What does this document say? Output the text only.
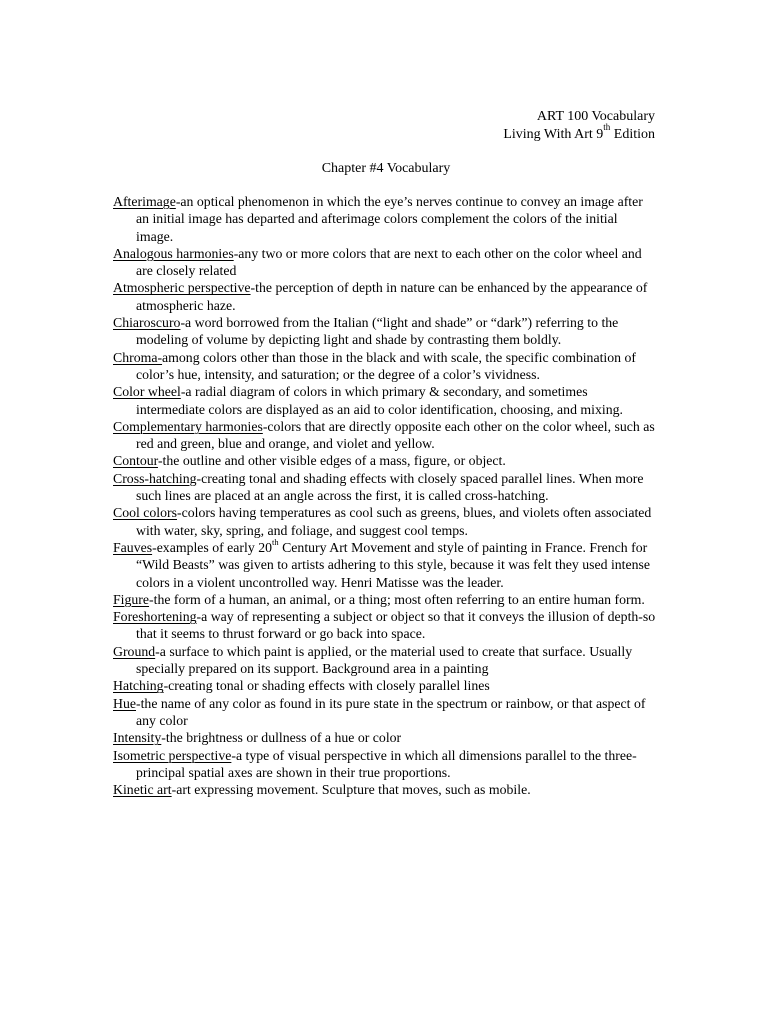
ART 100 Vocabulary
Living With Art 9th Edition
Chapter #4 Vocabulary

Afterimage-an optical phenomenon in which the eye’s nerves continue to convey an image after an initial image has departed and afterimage colors complement the colors of the initial image.

Analogous harmonies-any two or more colors that are next to each other on the color wheel and are closely related

Atmospheric perspective-the perception of depth in nature can be enhanced by the appearance of atmospheric haze.

Chiaroscuro-a word borrowed from the Italian (“light and shade” or “dark”) referring to the modeling of volume by depicting light and shade by contrasting them boldly.

Chroma-among colors other than those in the black and with scale, the specific combination of color’s hue, intensity, and saturation; or the degree of a color’s vividness.

Color wheel-a radial diagram of colors in which primary & secondary, and sometimes intermediate colors are displayed as an aid to color identification, choosing, and mixing.

Complementary harmonies-colors that are directly opposite each other on the color wheel, such as red and green, blue and orange, and violet and yellow.

Contour-the outline and other visible edges of a mass, figure, or object.

Cross-hatching-creating tonal and shading effects with closely spaced parallel lines. When more such lines are placed at an angle across the first, it is called cross-hatching.

Cool colors-colors having temperatures as cool such as greens, blues, and violets often associated with water, sky, spring, and foliage, and suggest cool temps.

Fauves-examples of early 20th Century Art Movement and style of painting in France. French for “Wild Beasts” was given to artists adhering to this style, because it was felt they used intense colors in a violent uncontrolled way. Henri Matisse was the leader.

Figure-the form of a human, an animal, or a thing; most often referring to an entire human form.

Foreshortening-a way of representing a subject or object so that it conveys the illusion of depth-so that it seems to thrust forward or go back into space.

Ground-a surface to which paint is applied, or the material used to create that surface. Usually specially prepared on its support. Background area in a painting

Hatching-creating tonal or shading effects with closely parallel lines

Hue-the name of any color as found in its pure state in the spectrum or rainbow, or that aspect of any color

Intensity-the brightness or dullness of a hue or color

Isometric perspective-a type of visual perspective in which all dimensions parallel to the three-principal spatial axes are shown in their true proportions.

Kinetic art-art expressing movement. Sculpture that moves, such as mobile.
